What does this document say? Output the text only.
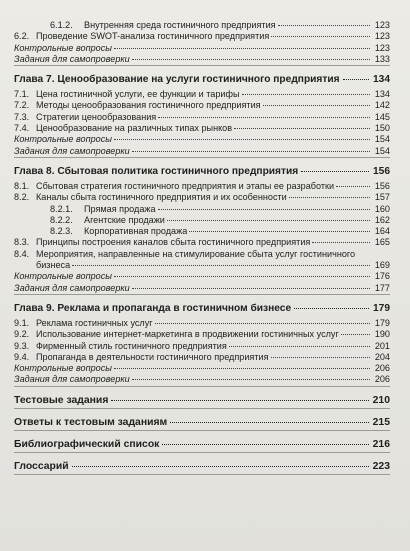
6.1.2.	Внутренняя среда гостиничного предприятия	123
6.2. Проведение SWOT-анализа гостиничного предприятия	123
Контрольные вопросы	123
Задания для самопроверки	133
Глава 7. Ценообразование на услуги гостиничного предприятия	134
7.1. Цена гостиничной услуги, ее функции и тарифы	134
7.2. Методы ценообразования гостиничного предприятия	142
7.3. Стратегии ценообразования	145
7.4. Ценообразование на различных типах рынков	150
Контрольные вопросы	154
Задания для самопроверки	154
Глава 8. Сбытовая политика гостиничного предприятия	156
8.1. Сбытовая стратегия гостиничного предприятия и этапы ее разработки	156
8.2. Каналы сбыта гостиничного предприятия и их особенности	157
8.2.1.	Прямая продажа	160
8.2.2.	Агентские продажи	162
8.2.3.	Корпоративная продажа	164
8.3. Принципы построения каналов сбыта гостиничного предприятия	165
8.4. Мероприятия, направленные на стимулирование сбыта услуг гостиничного
бизнеса	169
Контрольные вопросы	176
Задания для самопроверки	177
Глава 9. Реклама и пропаганда в гостиничном бизнесе	179
9.1. Реклама гостиничных услуг	179
9.2. Использование интернет-маркетинга в продвижении гостиничных услуг	190
9.3. Фирменный стиль гостиничного предприятия	201
9.4. Пропаганда в деятельности гостиничного предприятия	204
Контрольные вопросы	206
Задания для самопроверки	206
Тестовые задания	210
Ответы к тестовым заданиям	215
Библиографический список	216
Глоссарий	223
